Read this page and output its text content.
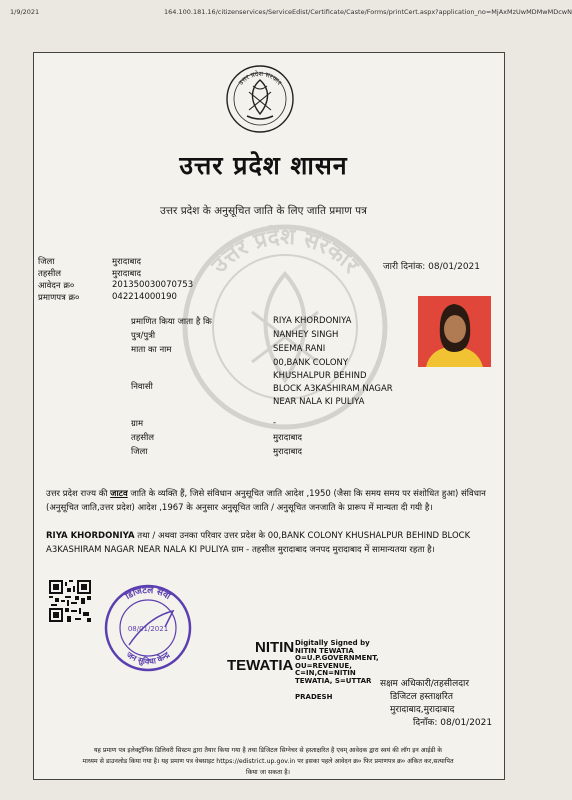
1/9/2021	164.100.181.16/citizenservices/ServiceEdist/Certificate/Caste/Forms/printCert.aspx?application_no=MjAxMzUwMDMwMDcwN
उत्तर प्रदेश सरकार
उत्तर प्रदेश शासन
उत्तर प्रदेश के अनुसूचित जाति के लिए जाति प्रमाण पत्र
उत्तर प्रदेश सरकार जारी दिनांक: 08/01/2021
जिला	मुरादाबाद
तहसील	मुरादाबाद
आवेदन क्र०	201350030070753
प्रमाणपत्र क्र०	042214000190
प्रमाणित किया जाता है कि	RIYA KHORDONIYA
पुत्र/पुत्री	NANHEY SINGH
माता का नाम	SEEMA RANI
00,BANK COLONY
KHUSHALPUR BEHIND
निवासी	BLOCK A3KASHIRAM NAGAR
NEAR NALA KI PULIYA
ग्राम	-
तहसील	मुरादाबाद
जिला	मुरादाबाद
उत्तर प्रदेश राज्य की जाटव जाति के व्यक्ति हैं, जिसे संविधान अनुसूचित जाति आदेश ,1950 (जैसा कि समय समय पर संशोधित हुआ) संविधान (अनुसूचित जाति,उत्तर प्रदेश) आदेश ,1967 के अनुसार अनुसूचित जाति / अनुसूचित जनजाति के प्रारूप में मान्यता दी गयी है।
RIYA KHORDONIYA तथा / अथवा उनका परिवार उत्तर प्रदेश के 00,BANK COLONY KHUSHALPUR BEHIND BLOCK A3KASHIRAM NAGAR NEAR NALA KI PULIYA ग्राम - तहसील मुरादाबाद जनपद मुरादाबाद में सामान्यतया रहता है।
डिजिटल सेवा
जन सुविधा केन्द्र
08/01/2021
NITIN
TEWATIA
Digitally Signed by
NITIN TEWATIA
O=U.P.GOVERNMENT,
OU=REVENUE,
C=IN,CN=NITIN
TEWATIA, S=UTTAR
PRADESH
सक्षम अधिकारी/तहसीलदार
डिजिटल हस्ताक्षरित
मुरादाबाद,मुरादाबाद
दिनाँक: 08/01/2021
यह प्रमाण पत्र इलेक्ट्रॉनिक डिलिवरी सिस्टम द्वारा तैयार किया गया है तथा डिजिटल सिग्नेचर से हस्ताक्षरित है एवम् आवेदक द्वारा स्वयं की लॉग इन आईडी के
माध्यम से डाउनलोड किया गया है। यह प्रमाण पत्र वेबसाइट https://edistrict.up.gov.in पर इसका पहले आवेदन क्र० फिर प्रमाणपत्र क्र० अंकित कर,सत्यापित
किया जा सकता है।
